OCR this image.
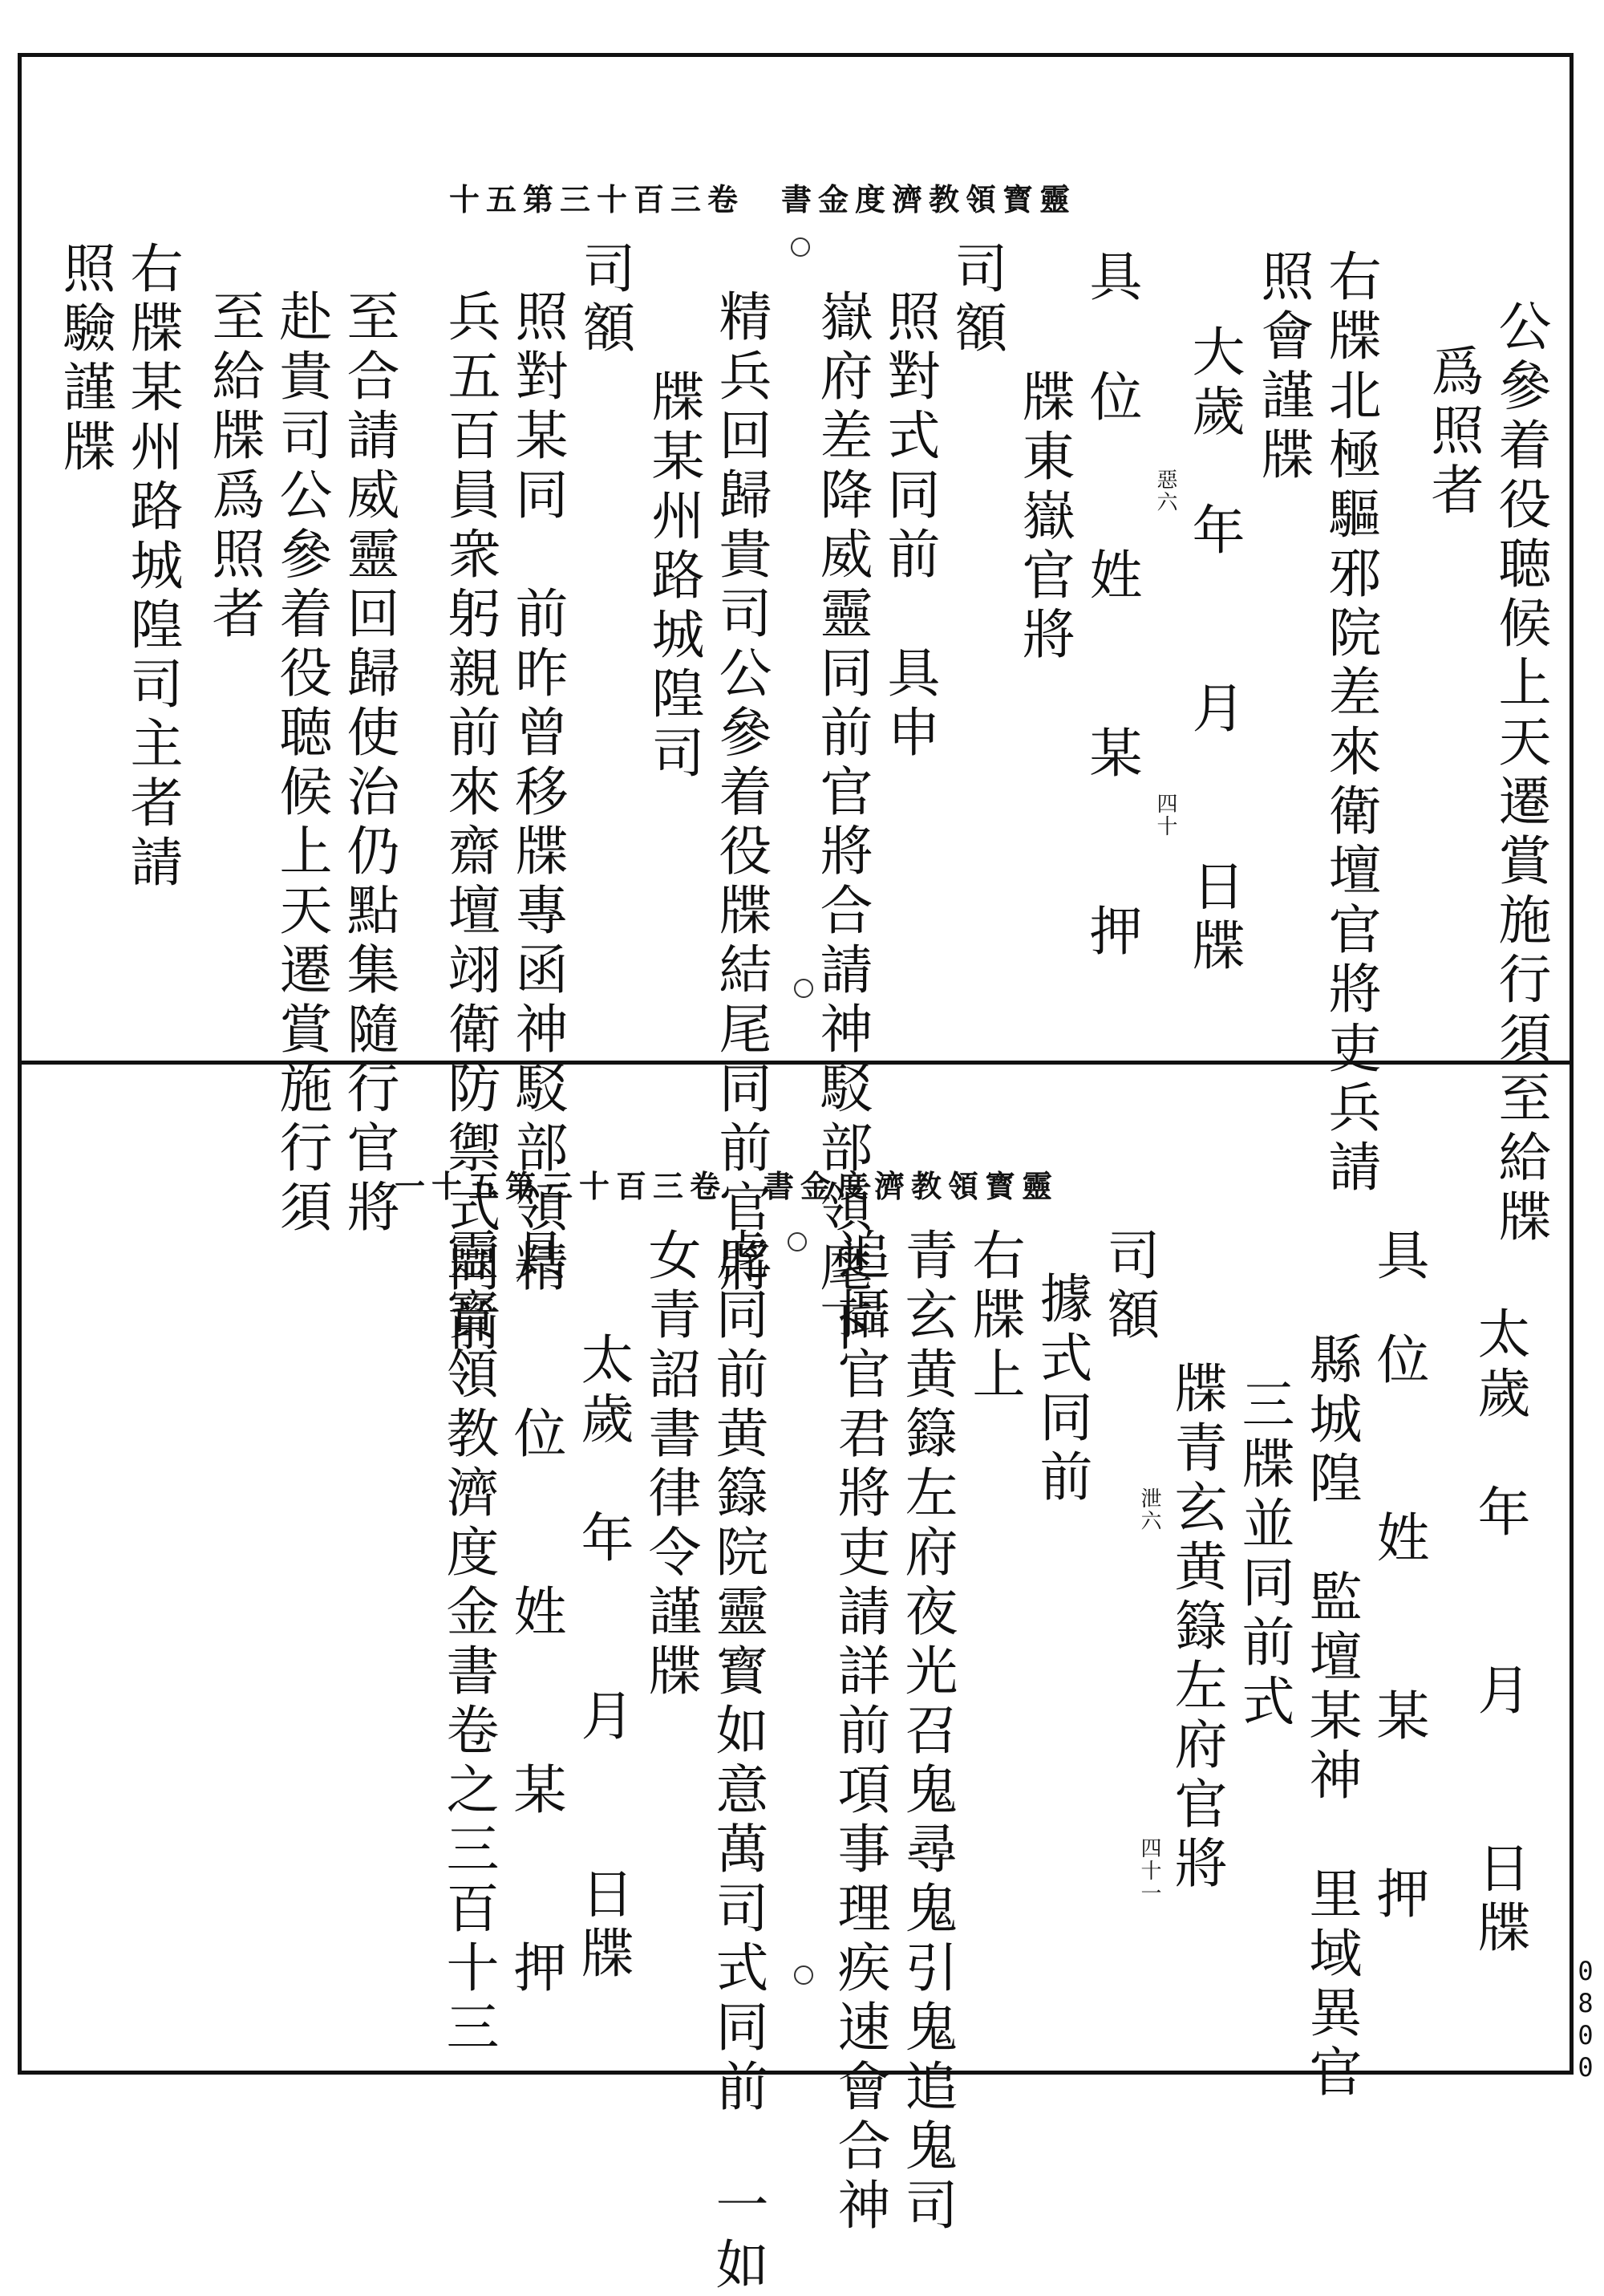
十五第三十百三卷　書金度濟教領寳靈
公參着役聴候上天遷賞施行須至給牒
爲照者
右牒北極驅邪院差來衛壇官將吏兵請
照會謹牒
大歲　年　　月　　日牒
具
位　　姓　　某　　押
牒東嶽官將
司額
照對式同前　具申
嶽府差降威靈同前官將合請神駁部領麾下
精兵回歸貴司公參着役牒結尾同前官將
牒某州路城隍司
司額
照對某同　前昨曾移牒專函神駁部領精
兵五百員衆躬親前來齋壇翊衛防禦式同前
至合請威靈回歸使治仍點集隨行官將
赴貴司公參着役聴候上天遷賞施行須
至給牒爲照者
右牒某州路城隍司主者請
照驗謹牒
惡六
四十
一十五第三十百三卷　書金度濟教領寳靈
太歲　年　　月　　日牒
具
位　　姓　　某　　押
縣城隍　監壇某神　里域異官
三牒並同前式
牒青玄黄籙左府官將
司額
據式同前
右牒上
青玄黄籙左府夜光召鬼尋鬼引鬼追鬼司
追攝官君將吏請詳前項事理疾速會合神
虎同前黄籙院靈寳如意萬司式同前　一如
女青詔書律令謹牒
太歲　年　　月　　日牒
具　　位　　姓　　某　　押
靈寳領教濟度金書卷之三百十三	泄六
四十一
0800
